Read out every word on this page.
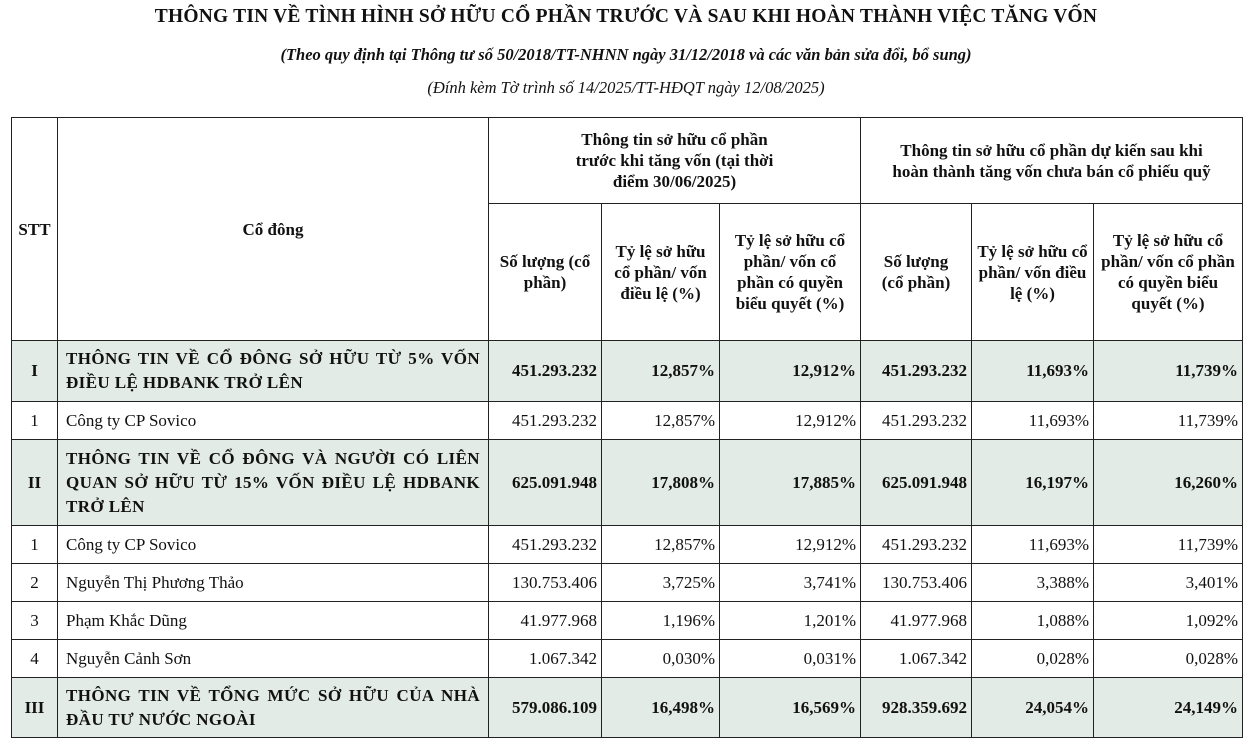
THÔNG TIN VỀ TÌNH HÌNH SỞ HỮU CỔ PHẦN TRƯỚC VÀ SAU KHI HOÀN THÀNH VIỆC TĂNG VỐN
(Theo quy định tại Thông tư số 50/2018/TT-NHNN ngày 31/12/2018 và các văn bản sửa đổi, bổ sung)
(Đính kèm Tờ trình số 14/2025/TT-HĐQT ngày 12/08/2025)
STT	Cổ đông	Thông tin sở hữu cổ phần trước khi tăng vốn (tại thời điểm 30/06/2025)			Thông tin sở hữu cổ phần dự kiến sau khi hoàn thành tăng vốn chưa bán cổ phiếu quỹ		
		Số lượng (cổ phần)	Tỷ lệ sở hữu cổ phần/ vốn điều lệ (%)	Tỷ lệ sở hữu cổ phần/ vốn cổ phần có quyền biểu quyết (%)	Số lượng (cổ phần)	Tỷ lệ sở hữu cổ phần/ vốn điều lệ (%)	Tỷ lệ sở hữu cổ phần/ vốn cổ phần có quyền biểu quyết (%)
I	THÔNG TIN VỀ CỔ ĐÔNG SỞ HỮU TỪ 5% VỐN ĐIỀU LỆ HDBANK TRỞ LÊN	451.293.232	12,857%	12,912%	451.293.232	11,693%	11,739%
1	Công ty CP Sovico	451.293.232	12,857%	12,912%	451.293.232	11,693%	11,739%
II	THÔNG TIN VỀ CỔ ĐÔNG VÀ NGƯỜI CÓ LIÊN QUAN SỞ HỮU TỪ 15% VỐN ĐIỀU LỆ HDBANK TRỞ LÊN	625.091.948	17,808%	17,885%	625.091.948	16,197%	16,260%
1	Công ty CP Sovico	451.293.232	12,857%	12,912%	451.293.232	11,693%	11,739%
2	Nguyễn Thị Phương Thảo	130.753.406	3,725%	3,741%	130.753.406	3,388%	3,401%
3	Phạm Khắc Dũng	41.977.968	1,196%	1,201%	41.977.968	1,088%	1,092%
4	Nguyễn Cảnh Sơn	1.067.342	0,030%	0,031%	1.067.342	0,028%	0,028%
III	THÔNG TIN VỀ TỔNG MỨC SỞ HỮU CỦA NHÀ ĐẦU TƯ NƯỚC NGOÀI	579.086.109	16,498%	16,569%	928.359.692	24,054%	24,149%
